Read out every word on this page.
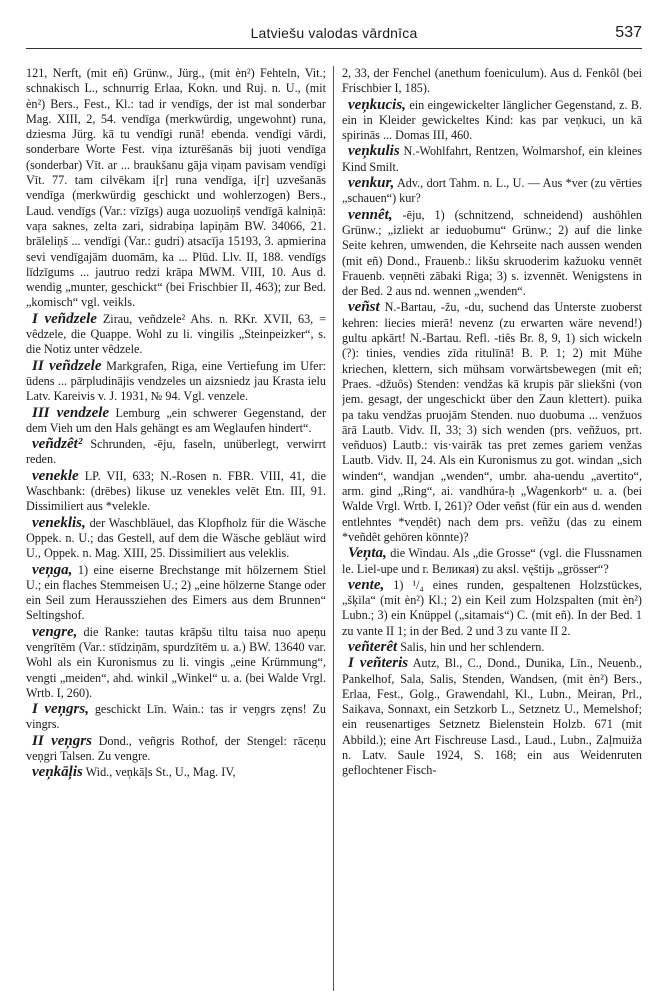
Latviešu valodas vārdnīca	537

121, Nerft, (mit eñ) Grünw., Jürg., (mit èn²) Fehteln, Vit.; schnakisch L., schnurrig Erlaa, Kokn. und Ruj. n. U., (mit èn²) Bers., Fest., Kl.: tad ir vendīgs, der ist mal sonderbar Mag. XIII, 2, 54. vendīga (merkwürdig, ungewohnt) runa, dziesma Jürg. kā tu vendīgi runā! ebenda. vendīgi vārdi, sonderbare Worte Fest. viņa izturēšanās bij juoti vendīga (sonderbar) Vīt. ar ... braukšanu gāja viņam pavisam vendīgi Vīt. 77. tam cilvēkam i[r] runa vendīga, i[r] uzvešanās vendīga (merkwürdig geschickt und wohlerzogen) Bers., Laud. vendīgs (Var.: vīzīgs) auga uozuoliņš vendīgā kalniņā: vaŗa saknes, zelta zari, sidrabiņa lapiņām BW. 34066, 21. brāleliņš ... vendīgi (Var.: gudri) atsacīja 15193, 3. apmierina sevi vendīgajām duomām, ka ... Plūd. Llv. II, 188. vendīgs līdzīgums ... jautruo redzi krāpa MWM. VIII, 10. Aus d. wendig „munter, geschickt“ (bei Frischbier II, 463); zur Bed. „komisch“ vgl. veikls.

I veñdzele Zirau, veñdzele² Ahs. n. RKr. XVII, 63, = vêdzele, die Quappe. Wohl zu li. vingilis „Steinpeizker“, s. die Notiz unter vêdzele.

II veñdzele Markgrafen, Riga, eine Vertiefung im Ufer: ūdens ... pārpludinājis vendzeles un aizsniedz jau Krasta ielu Latv. Kareivis v. J. 1931, № 94. Vgl. venzele.

III vendzele Lemburg „ein schwerer Gegenstand, der dem Vieh um den Hals gehängt es am Weglaufen hindert“.

veñdzêt² Schrunden, -ēju, faseln, unüberlegt, verwirrt reden.

venekle LP. VII, 633; N.-Rosen n. FBR. VIII, 41, die Waschbank: (drēbes) likuse uz venekles velēt Etn. III, 91. Dissimiliert aus *velekle.

veneklis, der Waschbläuel, das Klopfholz für die Wäsche Oppek. n. U.; das Gestell, auf dem die Wäsche gebläut wird U., Oppek. n. Mag. XIII, 25. Dissimiliert aus veleklis.

veņga, 1) eine eiserne Brechstange mit hölzernem Stiel U.; ein flaches Stemmeisen U.; 2) „eine hölzerne Stange oder ein Seil zum Heraussziehen des Eimers aus dem Brunnen“ Seltingshof.

vengre, die Ranke: tautas krāpšu tiltu taisa nuo apeņu vengrītēm (Var.: stīdziņām, spurdzītēm u. a.) BW. 13640 var. Wohl als ein Kuronismus zu li. vingis „eine Krümmung“, vengti „meiden“, ahd. winkil „Winkel“ u. a. (bei Walde Vrgl. Wrtb. I, 260).

I veņgrs, geschickt Līn. Wain.: tas ir veņgrs zęns! Zu vingrs.

II veņgrs Dond., veñgris Rothof, der Stengel: rāceņu veņgri Talsen. Zu vengre.

veņkāļis Wid., veņkāļs St., U., Mag. IV,

2, 33, der Fenchel (anethum foeniculum). Aus d. Fenkôl (bei Frischbier I, 185).

veņkucis, ein eingewickelter länglicher Gegenstand, z. B. ein in Kleider gewickeltes Kind: kas par veņkuci, un kā spirinās ... Domas III, 460.

veņkulis N.-Wohlfahrt, Rentzen, Wolmarshof, ein kleines Kind Smilt.

venkur, Adv., dort Tahm. n. L., U. — Aus *ver (zu vērties „schauen“) kur?

vennêt, -ēju, 1) (schnitzend, schneidend) aushöhlen Grünw.; „izliekt ar ieduobumu“ Grünw.; 2) auf die linke Seite kehren, umwenden, die Kehrseite nach aussen wenden (mit eñ) Dond., Frauenb.: likšu skruoderim kažuoku vennēt Frauenb. veņnēti zābaki Riga; 3) s. izvennēt. Wenigstens in der Bed. 2 aus nd. wennen „wenden“.

veñst N.-Bartau, -žu, -du, suchend das Unterste zuoberst kehren: liecies mierā! nevenz (zu erwarten wäre nevend!) gultu apkārt! N.-Bartau. Refl. -tiês Br. 8, 9, 1) sich wickeln (?): tinies, vendies zīda ritulīnā! B. P. 1; 2) mit Mühe kriechen, klettern, sich mühsam vorwärtsbewegen (mit eñ; Praes. -džuôs) Stenden: vendžas kā krupis pār sliekšni (von jem. gesagt, der ungeschickt über den Zaun klettert). puika pa taku vendžas pruojām Stenden. nuo duobuma ... venžuos ārā Lautb. Vidv. II, 33; 3) sich wenden (prs. veñžuos, prt. veñduos) Lautb.: vis·vairāk tas pret zemes gariem venžas Lautb. Vidv. II, 24. Als ein Kuronismus zu got. windan „sich winden“, wandjan „wenden“, umbr. aha-uendu „avertito“, arm. gind „Ring“, ai. vandhúra-ḥ „Wagenkorb“ u. a. (bei Walde Vrgl. Wrtb. I, 261)? Oder veñst (für ein aus d. wenden entlehntes *veņdêt) nach dem prs. veñžu (das zu einem *veñdêt gehören könnte)?

Veņta, die Windau. Als „die Grosse“ (vgl. die Flussnamen le. Liel-upe und r. Великая) zu aksl. vęštijь „grösser“?

vente, 1) ¹/₄ eines runden, gespaltenen Holzstückes, „šķila“ (mit èn²) Kl.; 2) ein Keil zum Holzspalten (mit èn²) Lubn.; 3) ein Knüppel („sitamais“) C. (mit eñ). In der Bed. 1 zu vante II 1; in der Bed. 2 und 3 zu vante II 2.

veñterêt Salis, hin und her schlendern.

I veñteris Autz, Bl., C., Dond., Dunika, Līn., Neuenb., Pankelhof, Sala, Salis, Stenden, Wandsen, (mit èn²) Bers., Erlaa, Fest., Golg., Grawendahl, Kl., Lubn., Meiran, Prl., Saikava, Sonnaxt, ein Setzkorb L., Setznetz U., Memelshof; ein reusenartiges Setznetz Bielenstein Holzb. 671 (mit Abbild.); eine Art Fischreuse Lasd., Laud., Lubn., Zaļmuiža n. Latv. Saule 1924, S. 168; ein aus Weidenruten geflochtener Fisch-
